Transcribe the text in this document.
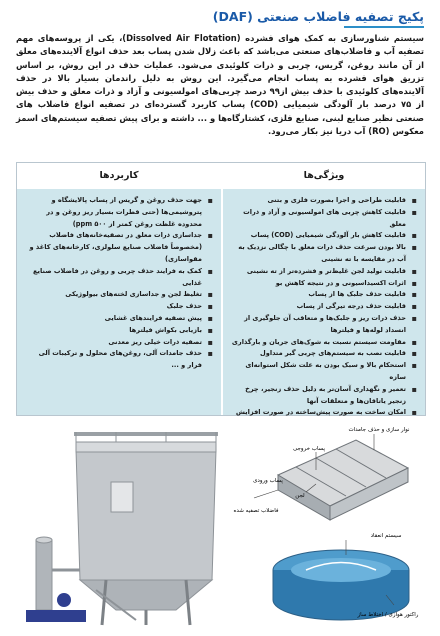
پکیج تصفیه فاضلاب صنعتی (DAF)
سیستم شناورسازی به کمک هوای فشرده (Dissolved Air Flotation)، یکی از پروسه‌های مهم تصفیه آب و فاضلاب‌های صنعتی می‌باشد که باعث زلال شدن پساب بعد حذف انواع آلاینده‌های معلق از آن مانند روغن، گریس، چربی و ذرات کلوئیدی می‌شود. عملیات حذف در این روش، بر اساس تزریق هوای فشرده به پساب انجام می‌گیرد. این روش به دلیل راندمان بسیار بالا در حذف آلاینده‌های کلوئیدی با حذف بیش از۹۹ درصد چربی‌های امولسیونی و آزاد و ذرات معلق و حذف بیش از ۷۵ درصد بار آلودگی شیمیایی (COD) پساب کاربرد گسترده‌ای در تصفیه انواع فاضلاب های صنعتی نظیر صنایع لبنی، صنایع فلزی، کشتارگاه‌ها و ... داشته و برای پیش تصفیه سیستم‌های اسمز معکوس (RO) آب دریا نیز بکار می‌رود.
ویژگی‌ها
کاربردها
▪ قابلیت طراحی و اجرا بصورت فلزی و بتنی
▪ قابلیت کاهش چربی های امولسیونی و آزاد و ذرات معلق
▪ قابلیت کاهش بار آلودگی شیمیایی (COD) پساب
▪ بالا بودن سرعت حذف ذرات معلق با چگالی نزدیک به آب در مقایسه با ته نشینی
▪ قابلیت تولید لجن غلیظ‌تر و فشرده‌تر از ته نشینی
▪ اثرات اکسیداسیونی و در نتیجه کاهش بو
▪ قابلیت حذف جلبک ها از پساب
▪ قابلیت حذف درجه تیرگی از پساب
▪ حذف ذرات ریز و جلبک‌ها و متعاقب آن جلوگیری از انسداد لوله‌ها و فیلترها
▪ مقاومت سیستم نسبت به شوک‌های جریان و بارگذاری
▪ قابلیت نصب به سیستم‌های چربی گیر متداول
▪ استحکام بالا و سبک بودن به علت شکل استوانه‌ای سازه
▪ تعمیر و نگهداری آسان‌تر به دلیل حذف زنجیر، چرخ زنجیر یاتاقان‌ها و متعلقات آنها
▪ امکان ساخت به صورت پیش‌ساخته در صورت افزایش
▪ جهت حذف روغن و گریس از پساب پالایشگاه و پتروشیمی‌ها (حتی قطرات بسیار ریز روغن و در محدوده غلظت روغن کمتر از ۵۰۰ ppm)
▪ جداسازی ذرات معلق در تصفیه‌خانه‌های فاضلاب (مخصوصاً فاضلاب صنایع سلولزی، کارخانه‌های کاغذ و مقواسازی)
▪ کمک به فرایند حذف چربی و روغن در فاضلاب صنایع غذایی
▪ تغلیظ لجن و جداسازی لخته‌های بیولوژیکی
▪ حذف جلبک
▪ پیش تصفیه فرایندهای غشایی
▪ بازیابی بکواش فیلترها
▪ تصفیه ذرات خیلی ریز معدنی
▪ حذف جامدات آلی، روغن‌های محلول و ترکیبات آلی فرار و ...
نوار سازی و حذف جامدات
پساب خروجی
پساب ورودی
فاضلاب تصفیه شده
لجن
سیستم انعقاد
راکتور هوازی / اختلاط ساز
